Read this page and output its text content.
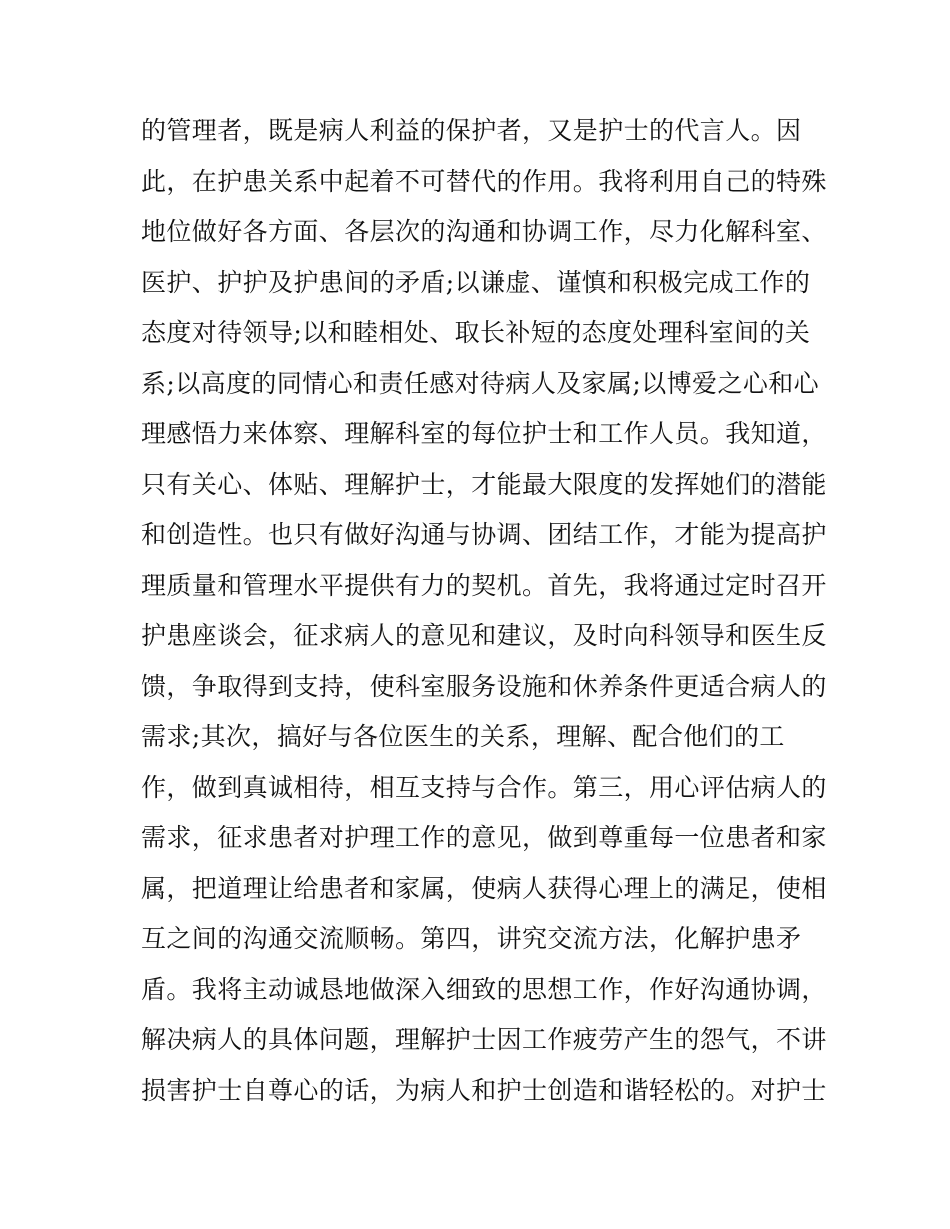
的管理者，既是病人利益的保护者，又是护士的代言人。因
此，在护患关系中起着不可替代的作用。我将利用自己的特殊
地位做好各方面、各层次的沟通和协调工作，尽力化解科室、
医护、护护及护患间的矛盾;以谦虚、谨慎和积极完成工作的
态度对待领导;以和睦相处、取长补短的态度处理科室间的关
系;以高度的同情心和责任感对待病人及家属;以博爱之心和心
理感悟力来体察、理解科室的每位护士和工作人员。我知道，
只有关心、体贴、理解护士，才能最大限度的发挥她们的潜能
和创造性。也只有做好沟通与协调、团结工作，才能为提高护
理质量和管理水平提供有力的契机。首先，我将通过定时召开
护患座谈会，征求病人的意见和建议，及时向科领导和医生反
馈，争取得到支持，使科室服务设施和休养条件更适合病人的
需求;其次，搞好与各位医生的关系，理解、配合他们的工
作，做到真诚相待，相互支持与合作。第三，用心评估病人的
需求，征求患者对护理工作的意见，做到尊重每一位患者和家
属，把道理让给患者和家属，使病人获得心理上的满足，使相
互之间的沟通交流顺畅。第四，讲究交流方法，化解护患矛
盾。我将主动诚恳地做深入细致的思想工作，作好沟通协调，
解决病人的具体问题，理解护士因工作疲劳产生的怨气，不讲
损害护士自尊心的话，为病人和护士创造和谐轻松的。对护士
